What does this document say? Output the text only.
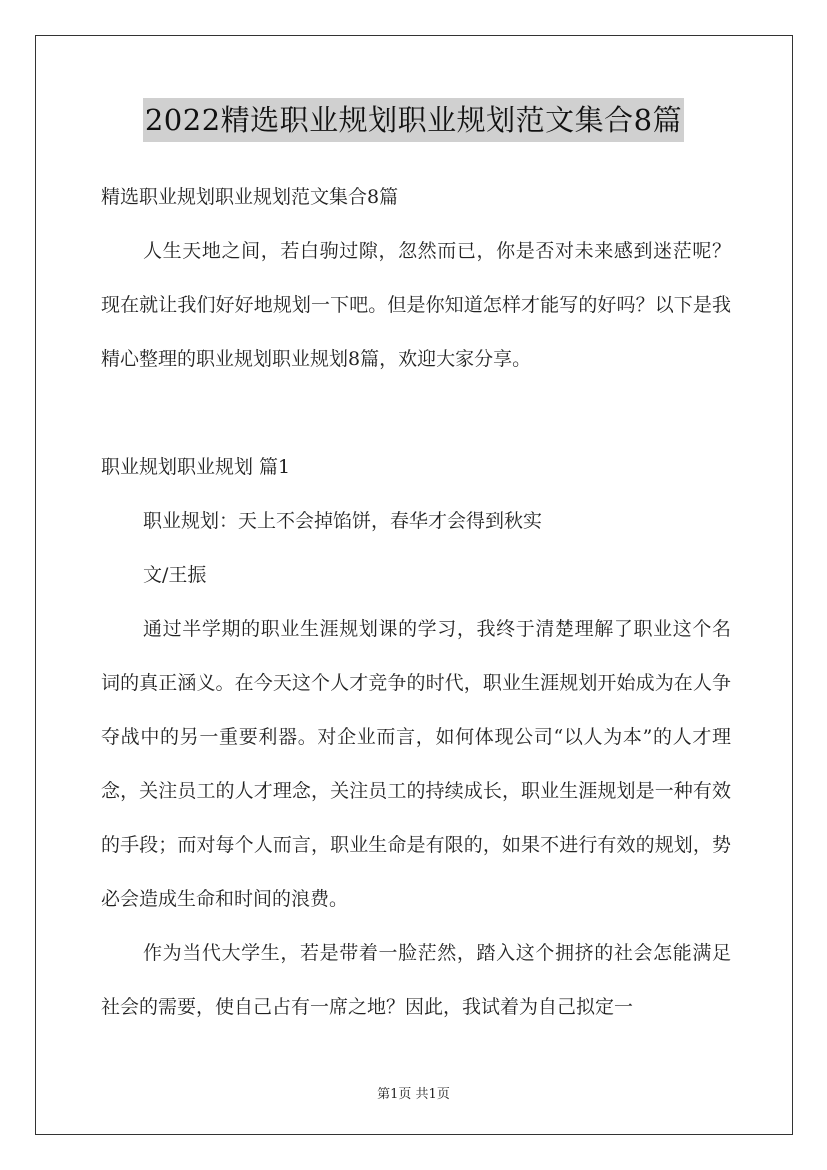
2022精选职业规划职业规划范文集合8篇

精选职业规划职业规划范文集合8篇

人生天地之间，若白驹过隙，忽然而已，你是否对未来感到迷茫呢？现在就让我们好好地规划一下吧。但是你知道怎样才能写的好吗？以下是我精心整理的职业规划职业规划8篇，欢迎大家分享。

职业规划职业规划 篇1

职业规划：天上不会掉馅饼，春华才会得到秋实

文/王振

通过半学期的职业生涯规划课的学习，我终于清楚理解了职业这个名词的真正涵义。在今天这个人才竞争的时代，职业生涯规划开始成为在人争夺战中的另一重要利器。对企业而言，如何体现公司“以人为本”的人才理念，关注员工的人才理念，关注员工的持续成长，职业生涯规划是一种有效的手段；而对每个人而言，职业生命是有限的，如果不进行有效的规划，势必会造成生命和时间的浪费。

作为当代大学生，若是带着一脸茫然，踏入这个拥挤的社会怎能满足社会的需要，使自己占有一席之地？因此，我试着为自己拟定一

第1页 共1页
